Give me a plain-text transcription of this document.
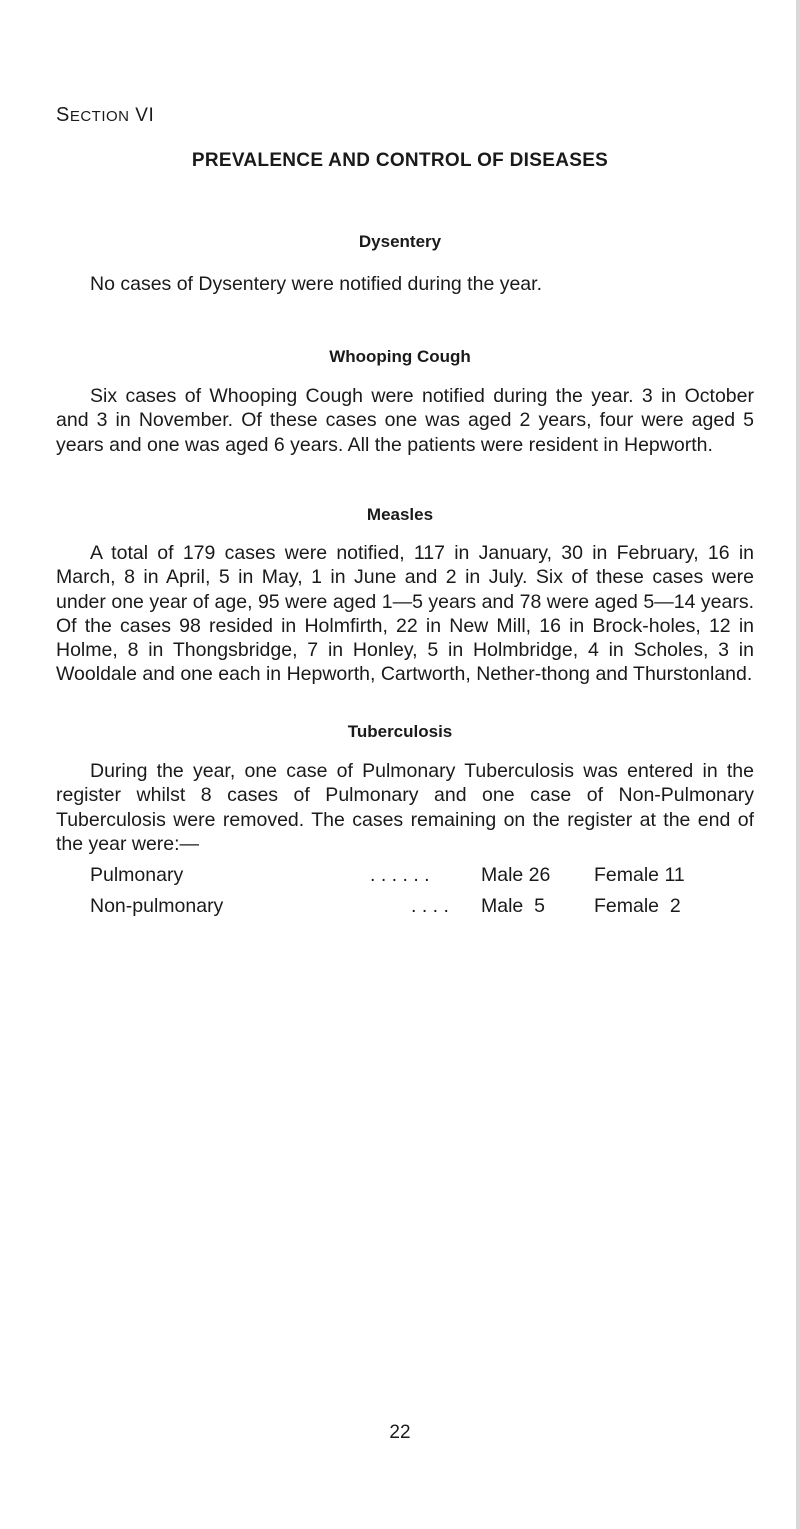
SECTION VI
PREVALENCE AND CONTROL OF DISEASES
Dysentery
No cases of Dysentery were notified during the year.
Whooping Cough
Six cases of Whooping Cough were notified during the year. 3 in October and 3 in November. Of these cases one was aged 2 years, four were aged 5 years and one was aged 6 years. All the patients were resident in Hepworth.
Measles
A total of 179 cases were notified, 117 in January, 30 in February, 16 in March, 8 in April, 5 in May, 1 in June and 2 in July. Six of these cases were under one year of age, 95 were aged 1—5 years and 78 were aged 5—14 years. Of the cases 98 resided in Holmfirth, 22 in New Mill, 16 in Brock-holes, 12 in Holme, 8 in Thongsbridge, 7 in Honley, 5 in Holmbridge, 4 in Scholes, 3 in Wooldale and one each in Hepworth, Cartworth, Nether-thong and Thurstonland.
Tuberculosis
During the year, one case of Pulmonary Tuberculosis was entered in the register whilst 8 cases of Pulmonary and one case of Non-Pulmonary Tuberculosis were removed. The cases remaining on the register at the end of the year were:—
Pulmonary	. . . . . .	Male 26 Female 11
Non-pulmonary	. . . . Male  5	Female  2
22
